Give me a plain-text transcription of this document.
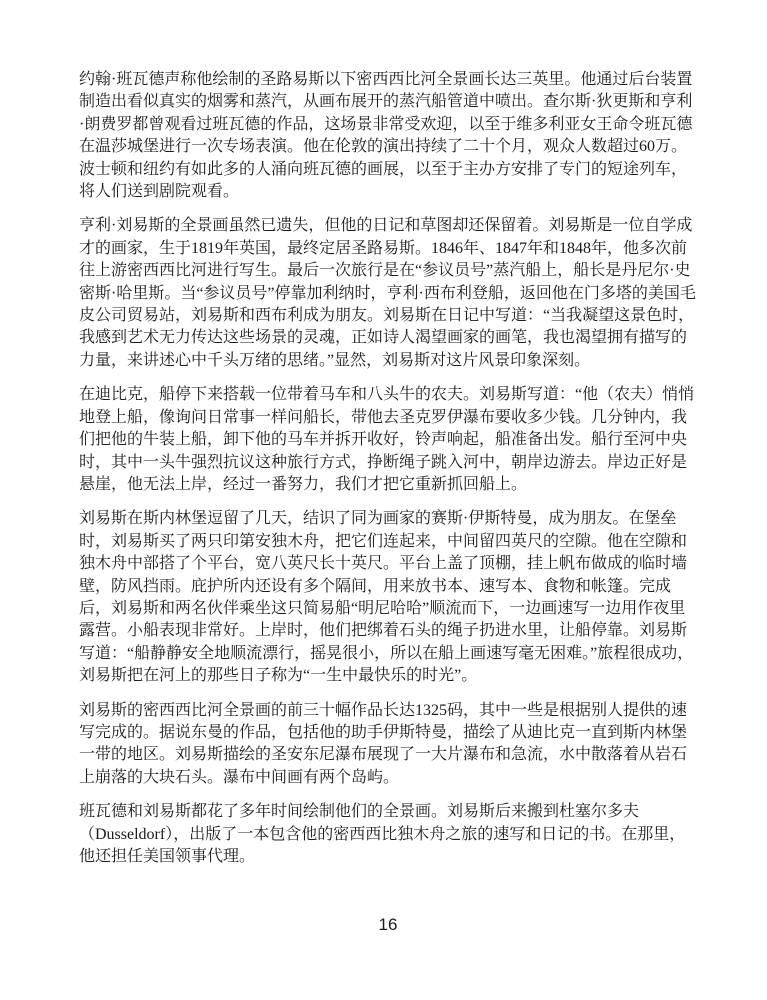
约翰·班瓦德声称他绘制的圣路易斯以下密西西比河全景画长达三英里。他通过后台装置制造出看似真实的烟雾和蒸汽，从画布展开的蒸汽船管道中喷出。查尔斯·狄更斯和亨利·朗费罗都曾观看过班瓦德的作品，这场景非常受欢迎，以至于维多利亚女王命令班瓦德在温莎城堡进行一次专场表演。他在伦敦的演出持续了二十个月，观众人数超过60万。波士顿和纽约有如此多的人涌向班瓦德的画展，以至于主办方安排了专门的短途列车，将人们送到剧院观看。

亨利·刘易斯的全景画虽然已遗失，但他的日记和草图却还保留着。刘易斯是一位自学成才的画家，生于1819年英国，最终定居圣路易斯。1846年、1847年和1848年，他多次前往上游密西西比河进行写生。最后一次旅行是在“参议员号”蒸汽船上，船长是丹尼尔·史密斯·哈里斯。当“参议员号”停靠加利纳时，亨利·西布利登船，返回他在门多塔的美国毛皮公司贸易站，刘易斯和西布利成为朋友。刘易斯在日记中写道：“当我凝望这景色时，我感到艺术无力传达这些场景的灵魂，正如诗人渴望画家的画笔，我也渴望拥有描写的力量，来讲述心中千头万绪的思绪。”显然，刘易斯对这片风景印象深刻。

在迪比克，船停下来搭载一位带着马车和八头牛的农夫。刘易斯写道：“他（农夫）悄悄地登上船，像询问日常事一样问船长，带他去圣克罗伊瀑布要收多少钱。几分钟内，我们把他的牛装上船，卸下他的马车并拆开收好，铃声响起，船准备出发。船行至河中央时，其中一头牛强烈抗议这种旅行方式，挣断绳子跳入河中，朝岸边游去。岸边正好是悬崖，他无法上岸，经过一番努力，我们才把它重新抓回船上。

刘易斯在斯内林堡逗留了几天，结识了同为画家的赛斯·伊斯特曼，成为朋友。在堡垒时，刘易斯买了两只印第安独木舟，把它们连起来，中间留四英尺的空隙。他在空隙和独木舟中部搭了个平台，宽八英尺长十英尺。平台上盖了顶棚，挂上帆布做成的临时墙壁，防风挡雨。庇护所内还设有多个隔间，用来放书本、速写本、食物和帐篷。完成后，刘易斯和两名伙伴乘坐这只简易船“明尼哈哈”顺流而下，一边画速写一边用作夜里露营。小船表现非常好。上岸时，他们把绑着石头的绳子扔进水里，让船停靠。刘易斯写道：“船静静安全地顺流漂行，摇晃很小，所以在船上画速写毫无困难。”旅程很成功，刘易斯把在河上的那些日子称为“一生中最快乐的时光”。

刘易斯的密西西比河全景画的前三十幅作品长达1325码，其中一些是根据别人提供的速写完成的。据说东曼的作品，包括他的助手伊斯特曼，描绘了从迪比克一直到斯内林堡一带的地区。刘易斯描绘的圣安东尼瀑布展现了一大片瀑布和急流，水中散落着从岩石上崩落的大块石头。瀑布中间画有两个岛屿。

班瓦德和刘易斯都花了多年时间绘制他们的全景画。刘易斯后来搬到杜塞尔多夫（Dusseldorf），出版了一本包含他的密西西比独木舟之旅的速写和日记的书。在那里，他还担任美国领事代理。

16
